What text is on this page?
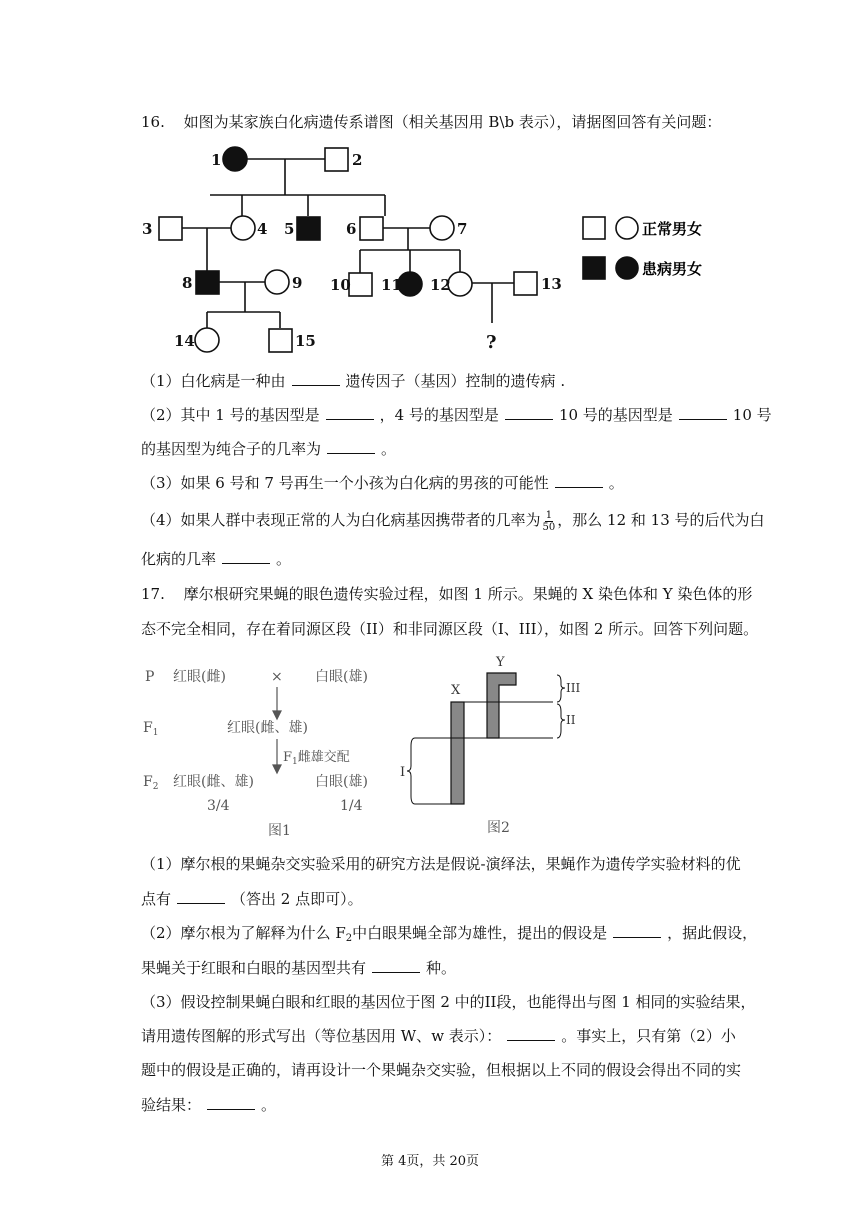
16. 如图为某家族白化病遗传系谱图（相关基因用 B\b 表示），请据图回答有关问题：
1	2
3	4 5	6	7
8	9 10 11 12	13
14	15	?
正常男女
患病男女
（1）白化病是一种由	遗传因子（基因）控制的遗传病 .
（2）其中 1 号的基因型是	，4 号的基因型是	10 号的基因型是	10 号
的基因型为纯合子的几率为	。
（3）如果 6 号和 7 号再生一个小孩为白化病的男孩的可能性	。
（4）如果人群中表现正常的人为白化病基因携带者的几率为 $\frac{1}{50}$ ，那么 12 和 13 号的后代为白
化病的几率	。
17. 摩尔根研究果蝇的眼色遗传实验过程，如图 1 所示。果蝇的 X 染色体和 Y 染色体的形
态不完全相同，存在着同源区段（II）和非同源区段（I、III），如图 2 所示。回答下列问题。
P 红眼(雌)	× 白眼(雄)
$F_1$	红眼(雌、雄)
$F_1$雌雄交配
$F_2$ 红眼(雌、雄)	白眼(雄)
3/4	1/4
图1
X
Y
I
II
III
图2
（1）摩尔根的果蝇杂交实验采用的研究方法是假说-演绎法，果蝇作为遗传学实验材料的优
点有	（答出 2 点即可）。
（2）摩尔根为了解释为什么 $F_2$中白眼果蝇全部为雄性，提出的假设是	，据此假设，
果蝇关于红眼和白眼的基因型共有	种。
（3）假设控制果蝇白眼和红眼的基因位于图 2 中的II段，也能得出与图 1 相同的实验结果，
请用遗传图解的形式写出（等位基因用 W、w 表示）：	。事实上，只有第（2）小
题中的假设是正确的，请再设计一个果蝇杂交实验，但根据以上不同的假设会得出不同的实
验结果：	。
第 4页，共 20页
